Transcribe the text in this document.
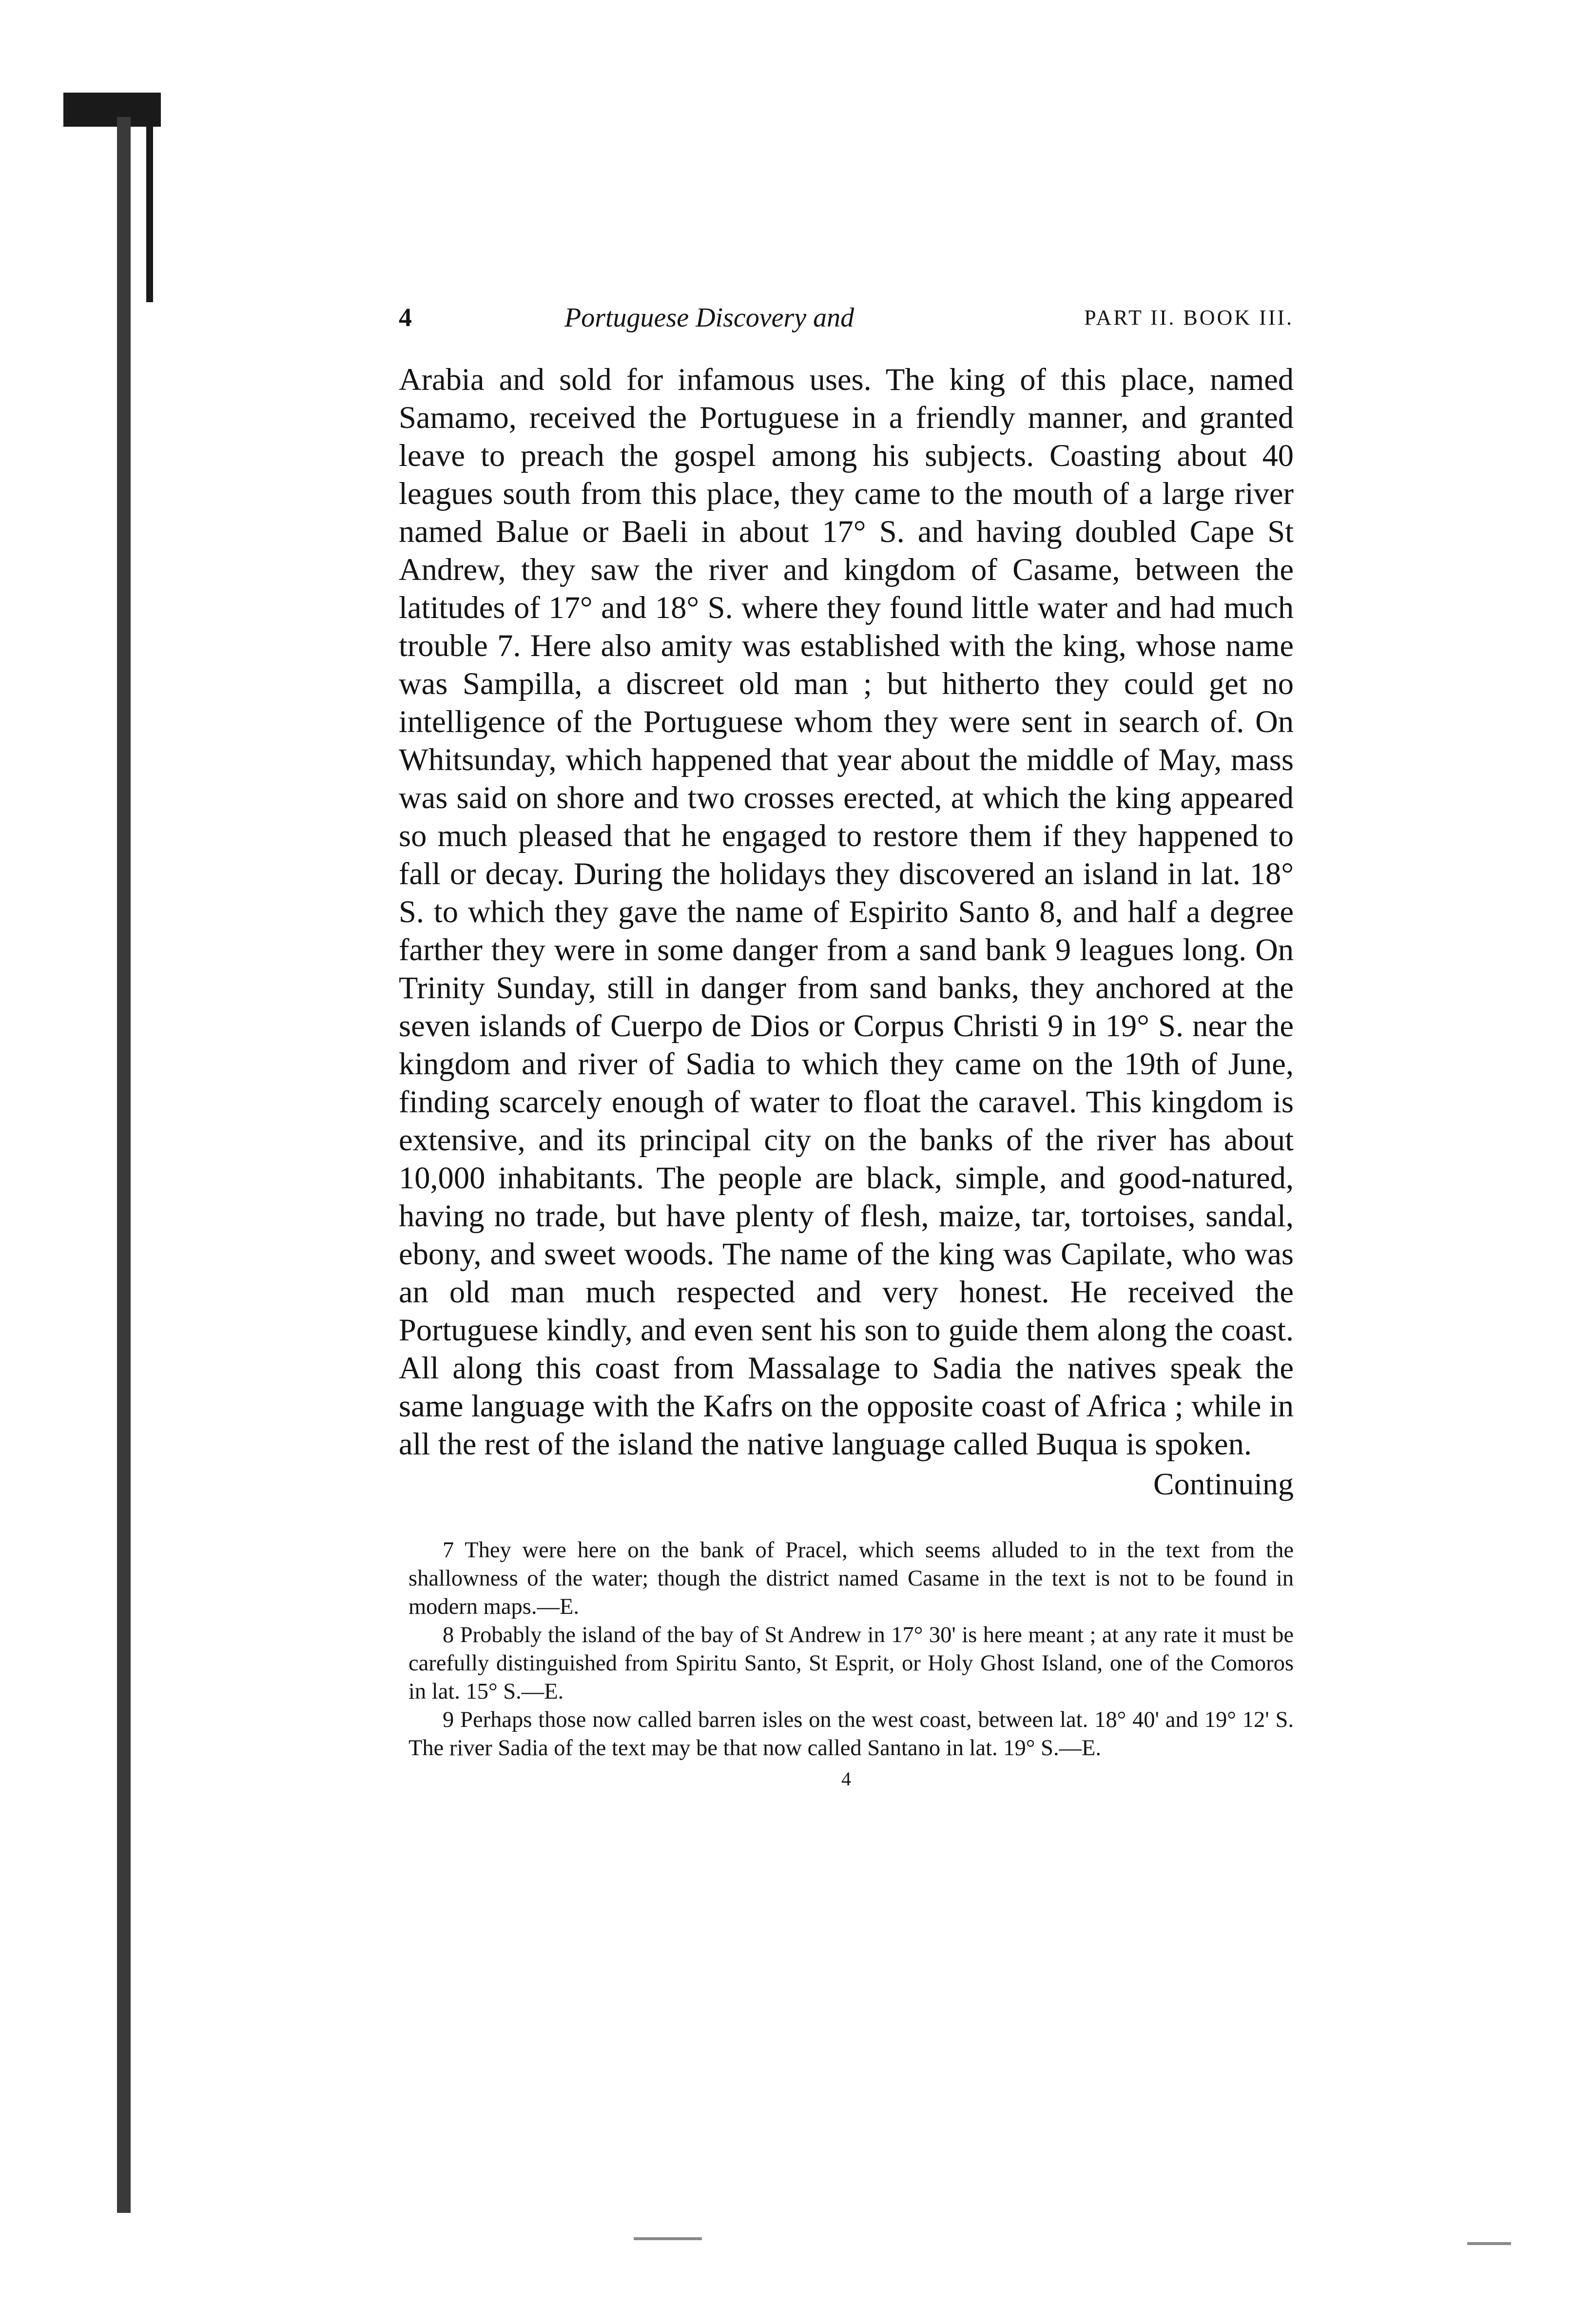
4	Portuguese Discovery and	PART II. BOOK III.
Arabia and sold for infamous uses. The king of this place, named Samamo, received the Portuguese in a friendly manner, and granted leave to preach the gospel among his subjects. Coasting about 40 leagues south from this place, they came to the mouth of a large river named Balue or Baeli in about 17° S. and having doubled Cape St Andrew, they saw the river and kingdom of Casame, between the latitudes of 17° and 18° S. where they found little water and had much trouble 7. Here also amity was established with the king, whose name was Sampilla, a discreet old man ; but hitherto they could get no intelligence of the Portuguese whom they were sent in search of. On Whitsunday, which happened that year about the middle of May, mass was said on shore and two crosses erected, at which the king appeared so much pleased that he engaged to restore them if they happened to fall or decay. During the holidays they discovered an island in lat. 18° S. to which they gave the name of Espirito Santo 8, and half a degree farther they were in some danger from a sand bank 9 leagues long. On Trinity Sunday, still in danger from sand banks, they anchored at the seven islands of Cuerpo de Dios or Corpus Christi 9 in 19° S. near the kingdom and river of Sadia to which they came on the 19th of June, finding scarcely enough of water to float the caravel. This kingdom is extensive, and its principal city on the banks of the river has about 10,000 inhabitants. The people are black, simple, and good-natured, having no trade, but have plenty of flesh, maize, tar, tortoises, sandal, ebony, and sweet woods. The name of the king was Capilate, who was an old man much respected and very honest. He received the Portuguese kindly, and even sent his son to guide them along the coast. All along this coast from Massalage to Sadia the natives speak the same language with the Kafrs on the opposite coast of Africa ; while in all the rest of the island the native language called Buqua is spoken.
Continuing

7 They were here on the bank of Pracel, which seems alluded to in the text from the shallowness of the water; though the district named Casame in the text is not to be found in modern maps.—E.

8 Probably the island of the bay of St Andrew in 17° 30' is here meant ; at any rate it must be carefully distinguished from Spiritu Santo, St Esprit, or Holy Ghost Island, one of the Comoros in lat. 15° S.—E.

9 Perhaps those now called barren isles on the west coast, between lat. 18° 40' and 19° 12' S. The river Sadia of the text may be that now called Santano in lat. 19° S.—E.

4
